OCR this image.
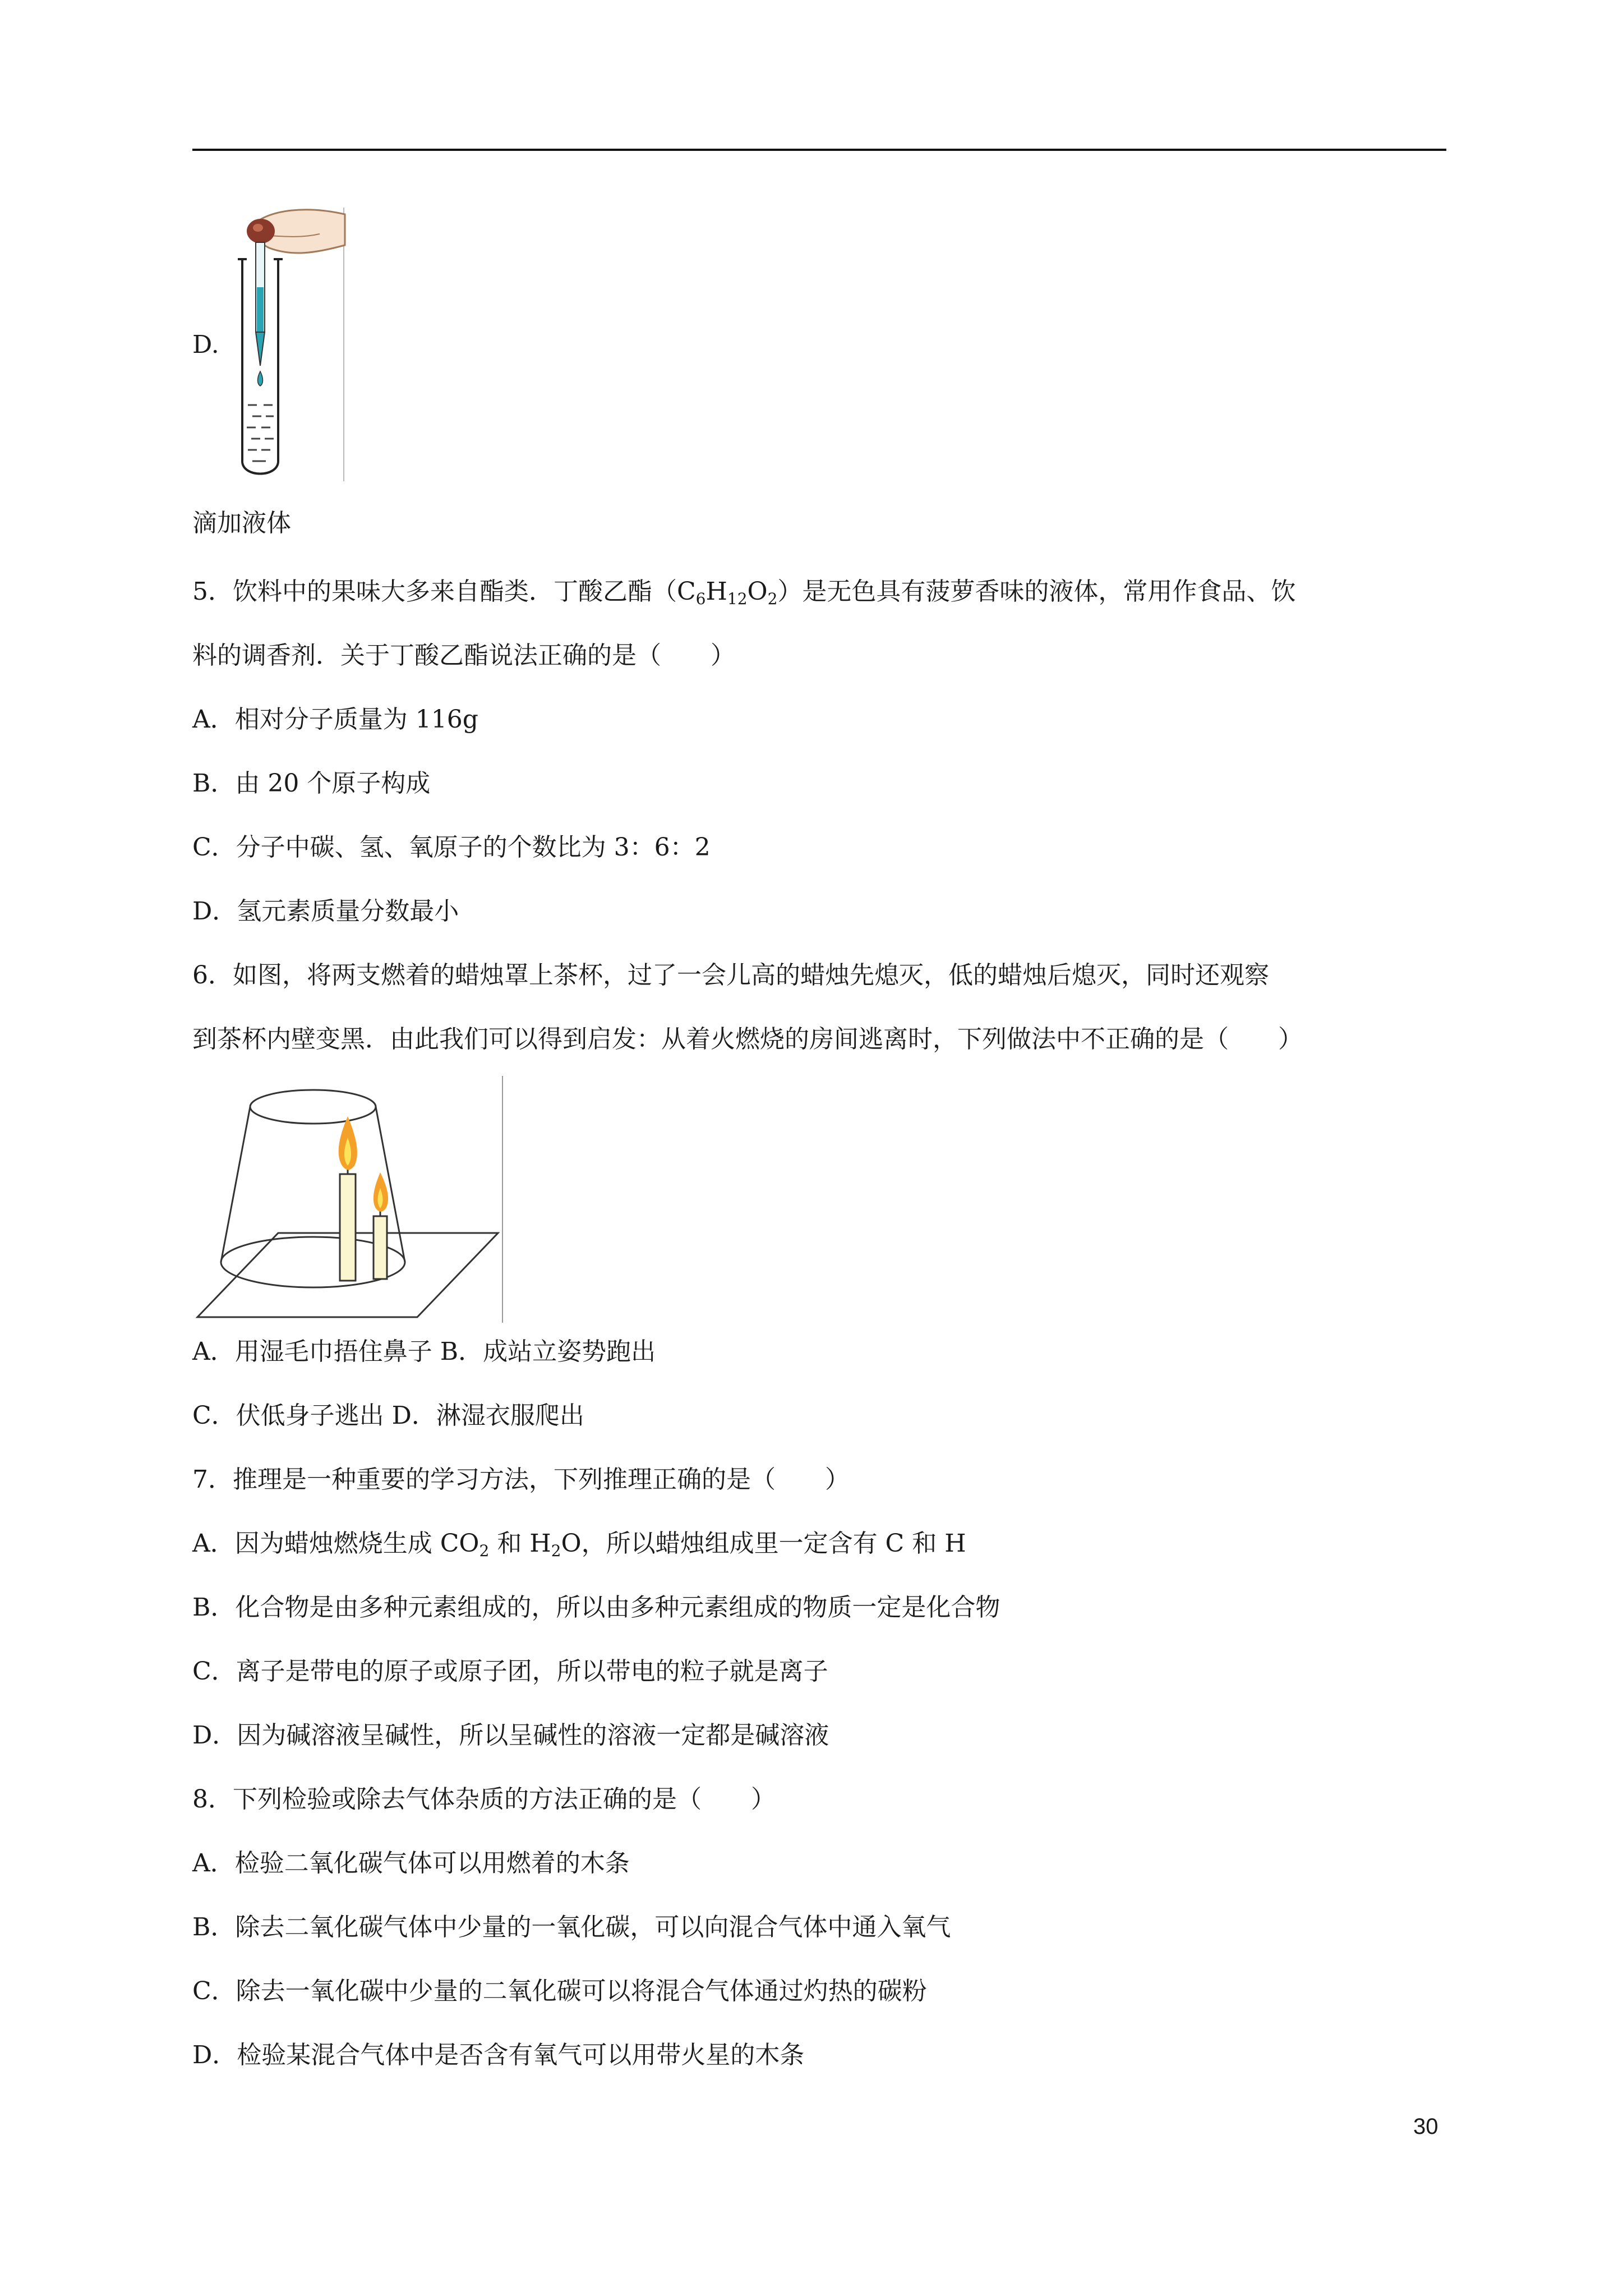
D.
滴加液体
5．饮料中的果味大多来自酯类．丁酸乙酯$(C_6H_{12}O_2)$是无色具有菠萝香味的液体，常用作食品、饮
料的调香剂．关于丁酸乙酯说法正确的是（　　）
A．相对分子质量为 116g
B．由 20 个原子构成
C．分子中碳、氢、氧原子的个数比为 3：6：2
D．氢元素质量分数最小
6．如图，将两支燃着的蜡烛罩上茶杯，过了一会儿高的蜡烛先熄灭，低的蜡烛后熄灭，同时还观察
到茶杯内壁变黑．由此我们可以得到启发：从着火燃烧的房间逃离时，下列做法中不正确的是（　　）
A．用湿毛巾捂住鼻子 B．成站立姿势跑出
C．伏低身子逃出 D．淋湿衣服爬出
7．推理是一种重要的学习方法，下列推理正确的是（　　）
A．因为蜡烛燃烧生成 $CO_2$ 和 $H_2O$，所以蜡烛组成里一定含有 C 和 H
B．化合物是由多种元素组成的，所以由多种元素组成的物质一定是化合物
C．离子是带电的原子或原子团，所以带电的粒子就是离子
D．因为碱溶液呈碱性，所以呈碱性的溶液一定都是碱溶液
8．下列检验或除去气体杂质的方法正确的是（　　）
A．检验二氧化碳气体可以用燃着的木条
B．除去二氧化碳气体中少量的一氧化碳，可以向混合气体中通入氧气
C．除去一氧化碳中少量的二氧化碳可以将混合气体通过灼热的碳粉
D．检验某混合气体中是否含有氧气可以用带火星的木条
30
